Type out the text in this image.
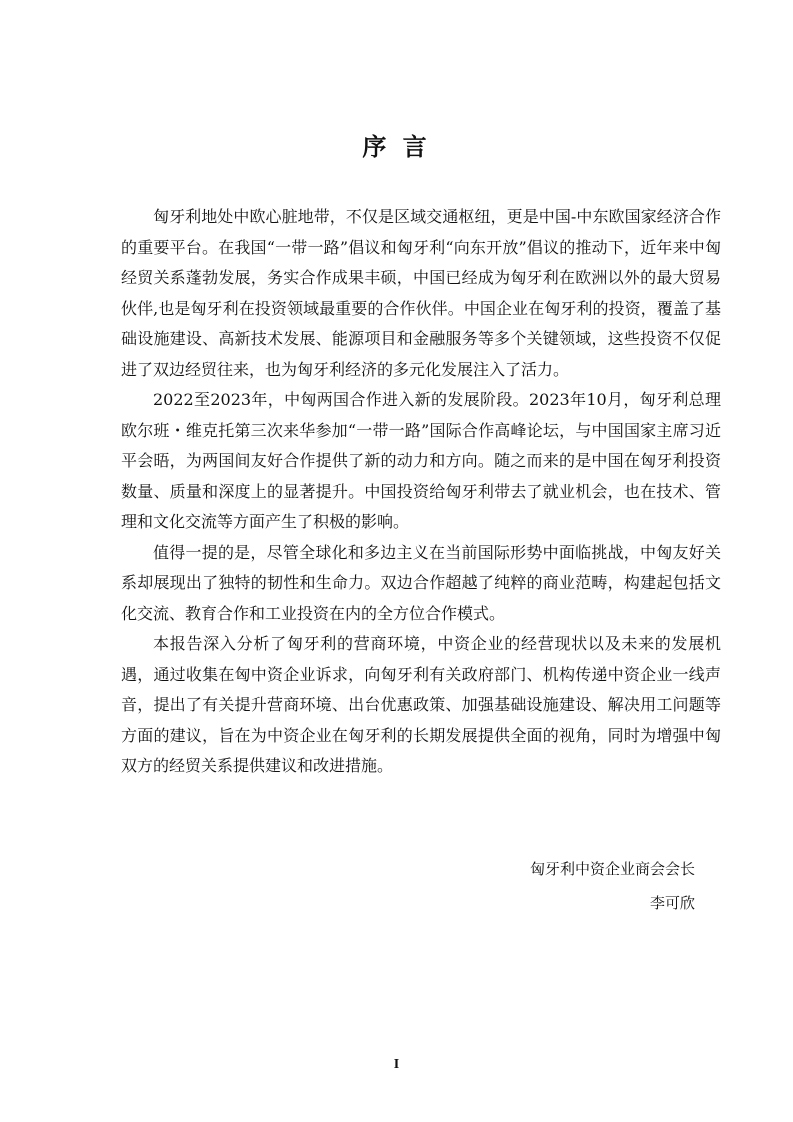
序 言

匈牙利地处中欧心脏地带，不仅是区域交通枢纽，更是中国-中东欧国家经济合作的重要平台。在我国“一带一路”倡议和匈牙利“向东开放”倡议的推动下，近年来中匈经贸关系蓬勃发展，务实合作成果丰硕，中国已经成为匈牙利在欧洲以外的最大贸易伙伴,也是匈牙利在投资领域最重要的合作伙伴。中国企业在匈牙利的投资，覆盖了基础设施建设、高新技术发展、能源项目和金融服务等多个关键领域，这些投资不仅促进了双边经贸往来，也为匈牙利经济的多元化发展注入了活力。

2022至2023年，中匈两国合作进入新的发展阶段。2023年10月，匈牙利总理欧尔班・维克托第三次来华参加“一带一路”国际合作高峰论坛，与中国国家主席习近平会晤，为两国间友好合作提供了新的动力和方向。随之而来的是中国在匈牙利投资数量、质量和深度上的显著提升。中国投资给匈牙利带去了就业机会，也在技术、管理和文化交流等方面产生了积极的影响。

值得一提的是，尽管全球化和多边主义在当前国际形势中面临挑战，中匈友好关系却展现出了独特的韧性和生命力。双边合作超越了纯粹的商业范畴，构建起包括文化交流、教育合作和工业投资在内的全方位合作模式。

本报告深入分析了匈牙利的营商环境，中资企业的经营现状以及未来的发展机遇，通过收集在匈中资企业诉求，向匈牙利有关政府部门、机构传递中资企业一线声音，提出了有关提升营商环境、出台优惠政策、加强基础设施建设、解决用工问题等方面的建议，旨在为中资企业在匈牙利的长期发展提供全面的视角，同时为增强中匈双方的经贸关系提供建议和改进措施。

匈牙利中资企业商会会长
李可欣
I
